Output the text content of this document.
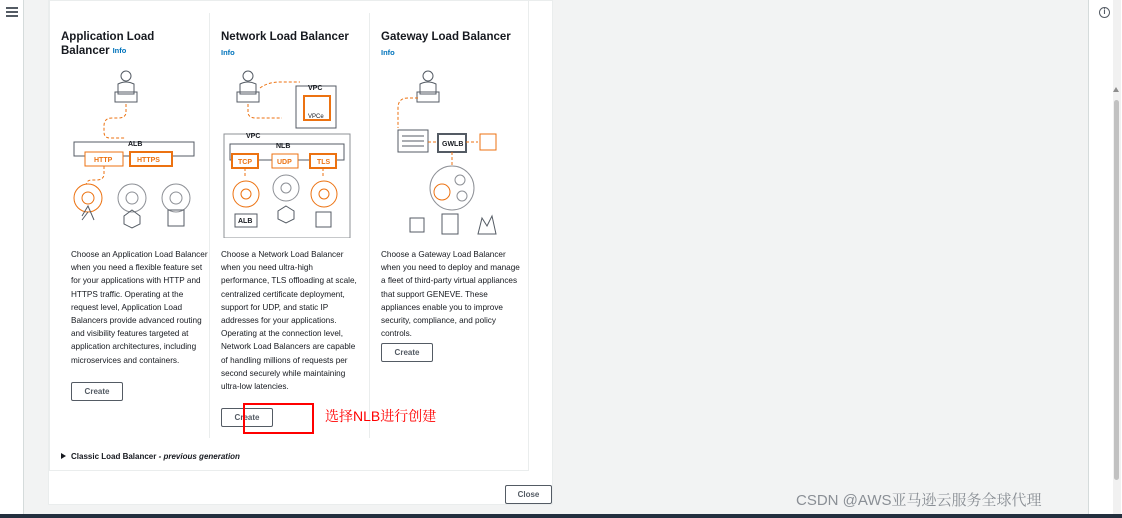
Application Load Balancer Info
ALB
HTTP	HTTPS
Choose an Application Load Balancer when you need a flexible feature set for your applications with HTTP and HTTPS traffic. Operating at the request level, Application Load Balancers provide advanced routing and visibility features targeted at application architectures, including microservices and containers.
Create
Network Load Balancer
Info
VPC
VPCe
VPC
NLB
TCP	UDP	TLS
ALB
Choose a Network Load Balancer when you need ultra-high performance, TLS offloading at scale, centralized certificate deployment, support for UDP, and static IP addresses for your applications. Operating at the connection level, Network Load Balancers are capable of handling millions of requests per second securely while maintaining ultra-low latencies.
Create
Gateway Load Balancer
Info
GWLB
Choose a Gateway Load Balancer when you need to deploy and manage a fleet of third-party virtual appliances that support GENEVE. These appliances enable you to improve security, compliance, and policy controls.
Create
选择NLB进行创建
Classic Load Balancer - previous generation
Close
i
CSDN @AWS亚马逊云服务全球代理
